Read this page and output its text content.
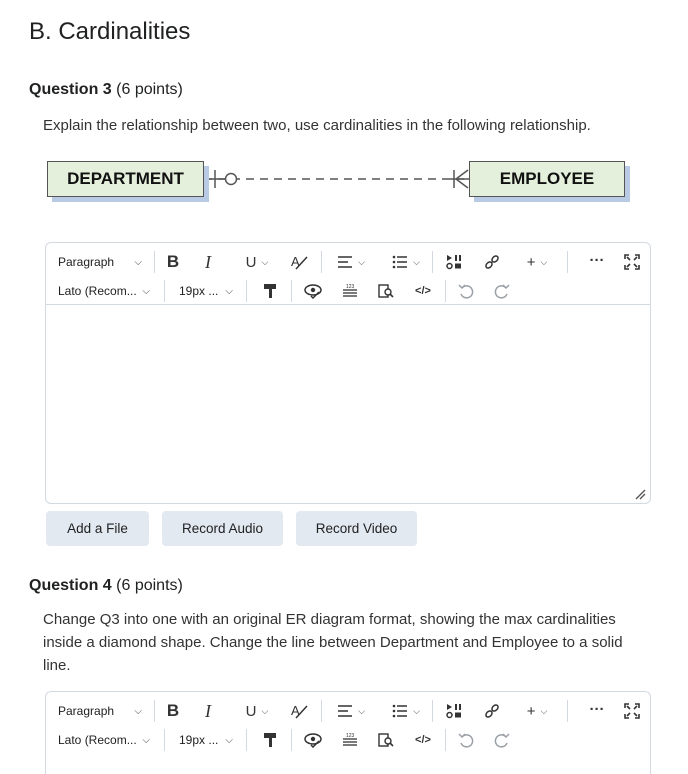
B. Cardinalities
Question 3 (6 points)
Explain the relationship between two, use cardinalities in the following relationship.
DEPARTMENT	EMPLOYEE
Paragraph ⌵ B	I	U ⌵ A	⌵	⌵	+ ⌵	···
Lato (Recom... ⌵ 19px ... ⌵	123	</>
Add a File	Record Audio	Record Video
Question 4 (6 points)
Change Q3 into one with an original ER diagram format, showing the max cardinalities inside a diamond shape. Change the line between Department and Employee to a solid line.
Paragraph ⌵ B	I	U ⌵ A	⌵	⌵	+ ⌵	···
Lato (Recom... ⌵ 19px ... ⌵	123	</>
